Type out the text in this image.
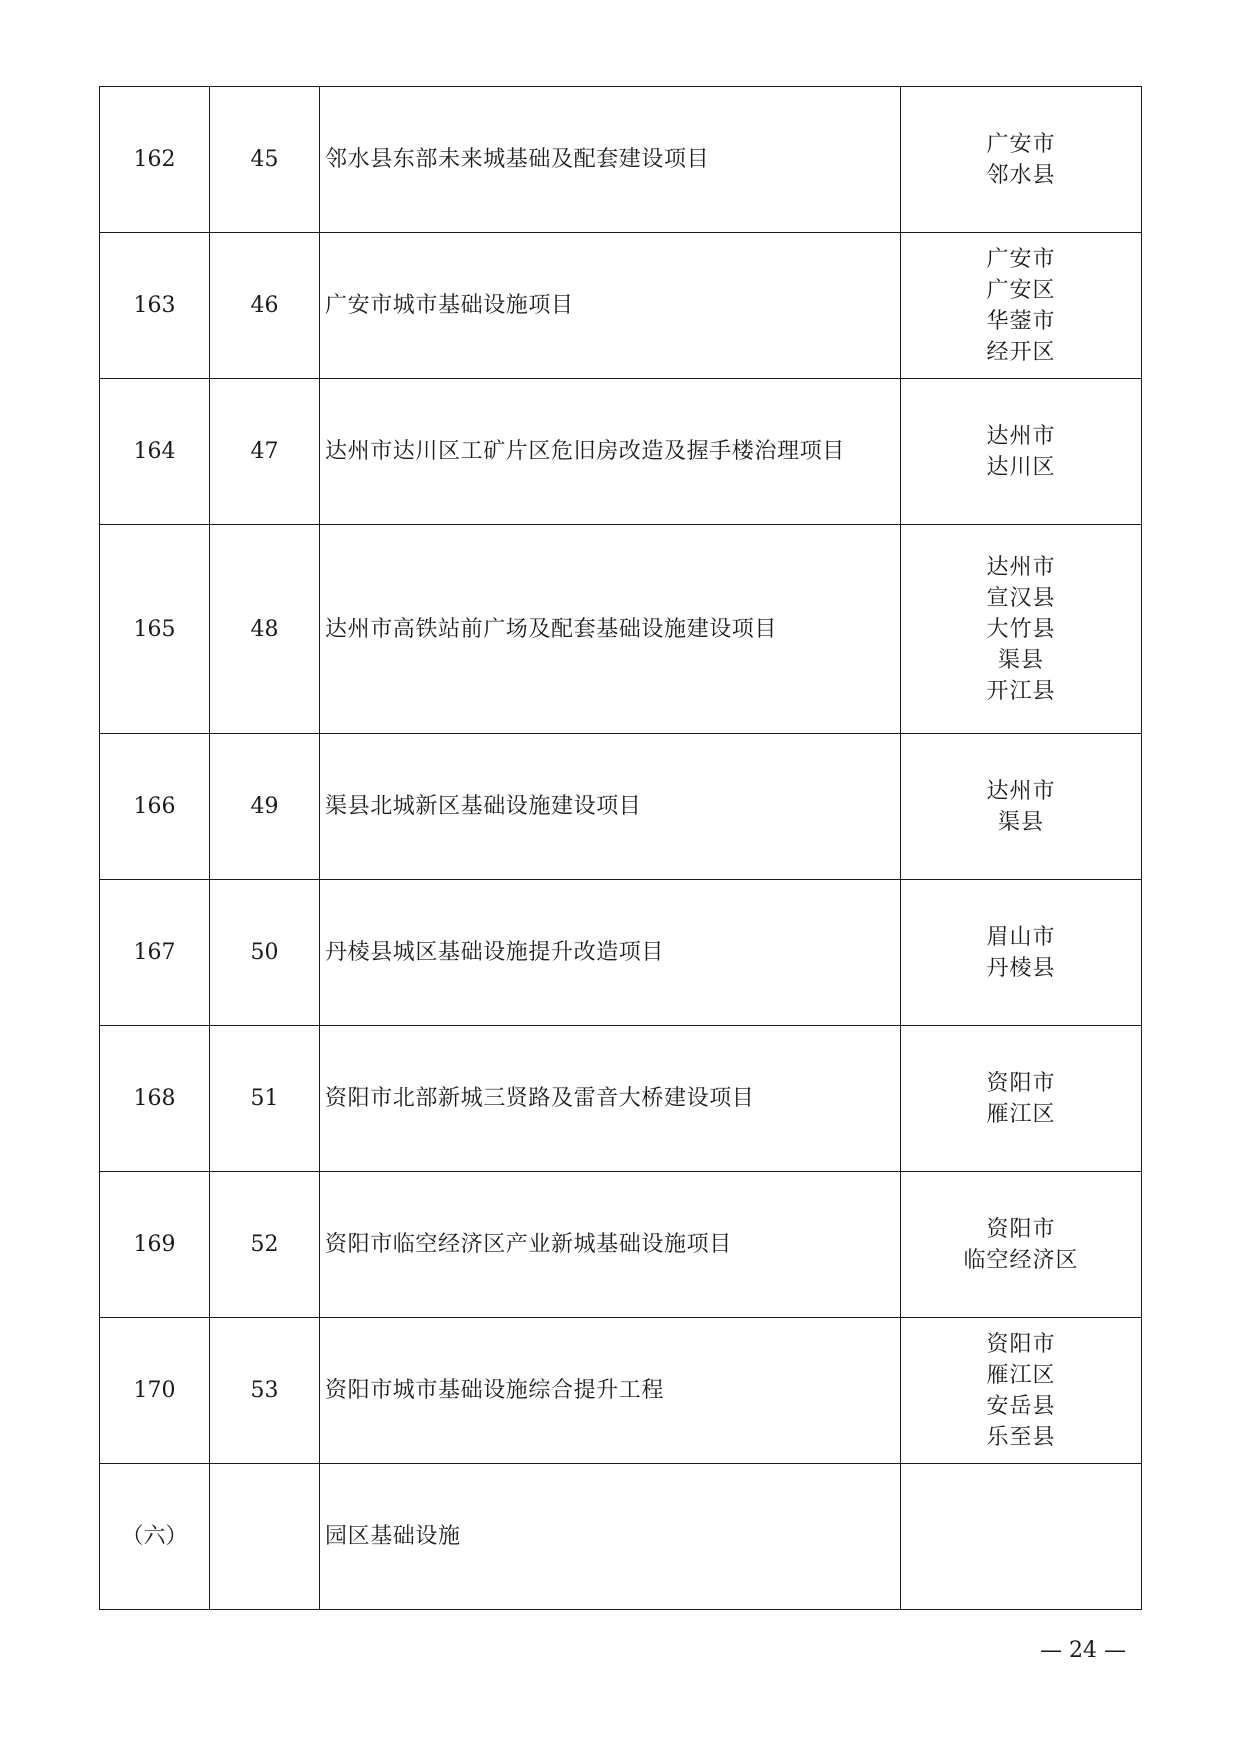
162	45	邻水县东部未来城基础及配套建设项目	广安市
邻水县

163	46	广安市城市基础设施项目	广安市
广安区
华蓥市
经开区

164	47	达州市达川区工矿片区危旧房改造及握手楼治理项目	达州市
达川区

165	48	达州市高铁站前广场及配套基础设施建设项目	达州市
宣汉县
大竹县
渠县
开江县

166	49	渠县北城新区基础设施建设项目	达州市
渠县

167	50	丹棱县城区基础设施提升改造项目	眉山市
丹棱县

168	51	资阳市北部新城三贤路及雷音大桥建设项目	资阳市
雁江区

169	52	资阳市临空经济区产业新城基础设施项目	资阳市
临空经济区

170	53	资阳市城市基础设施综合提升工程	资阳市
雁江区
安岳县
乐至县

（六）		园区基础设施	
— 24 —
